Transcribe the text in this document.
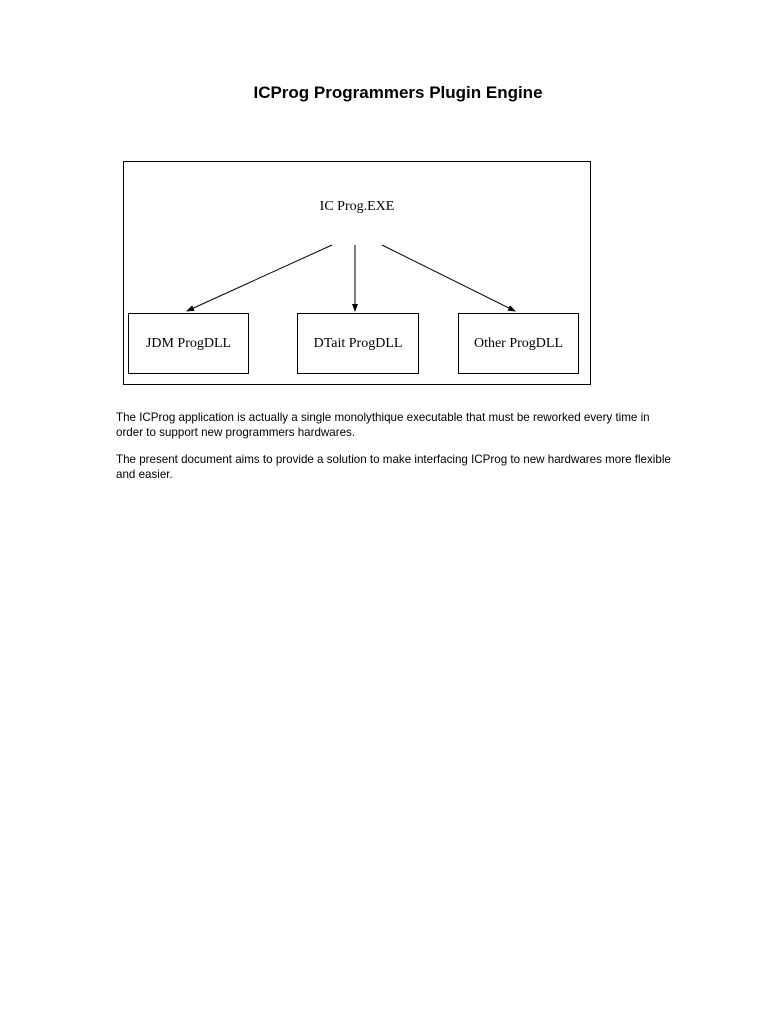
ICProg Programmers Plugin Engine
IC Prog.EXE
JDM ProgDLL	DTait ProgDLL	Other ProgDLL

The ICProg application is actually a single monolythique executable that must be reworked every time in order to support new programmers hardwares.

The present document aims to provide a solution to make interfacing ICProg to new hardwares more flexible and easier.
